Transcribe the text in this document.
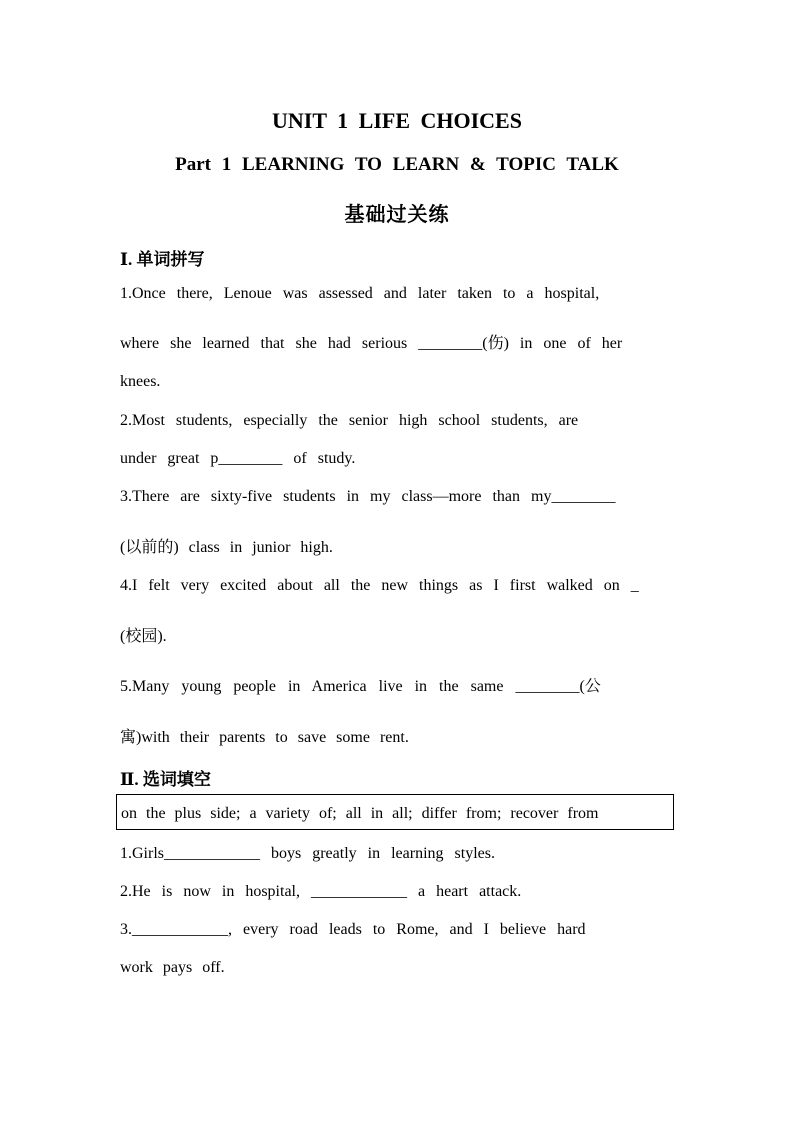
UNIT 1 LIFE CHOICES
Part 1 LEARNING TO LEARN & TOPIC TALK
基础过关练
Ⅰ. 单词拼写
1.Once there, Lenoue was assessed and later taken to a hospital,
where she learned that she had serious ________(伤) in one of her
knees.
2.Most students, especially the senior high school students, are
under great p________ of study.
3.There are sixty-five students in my class—more than my________
(以前的) class in junior high.
4.I felt very excited about all the new things as I first walked on _
(校园).
5.Many young people in America live in the same ________(公
寓)with their parents to save some rent.
Ⅱ. 选词填空
on the plus side; a variety of; all in all; differ from; recover from
1.Girls____________ boys greatly in learning styles.
2.He is now in hospital, ____________ a heart attack.
3.____________, every road leads to Rome, and I believe hard
work pays off.
